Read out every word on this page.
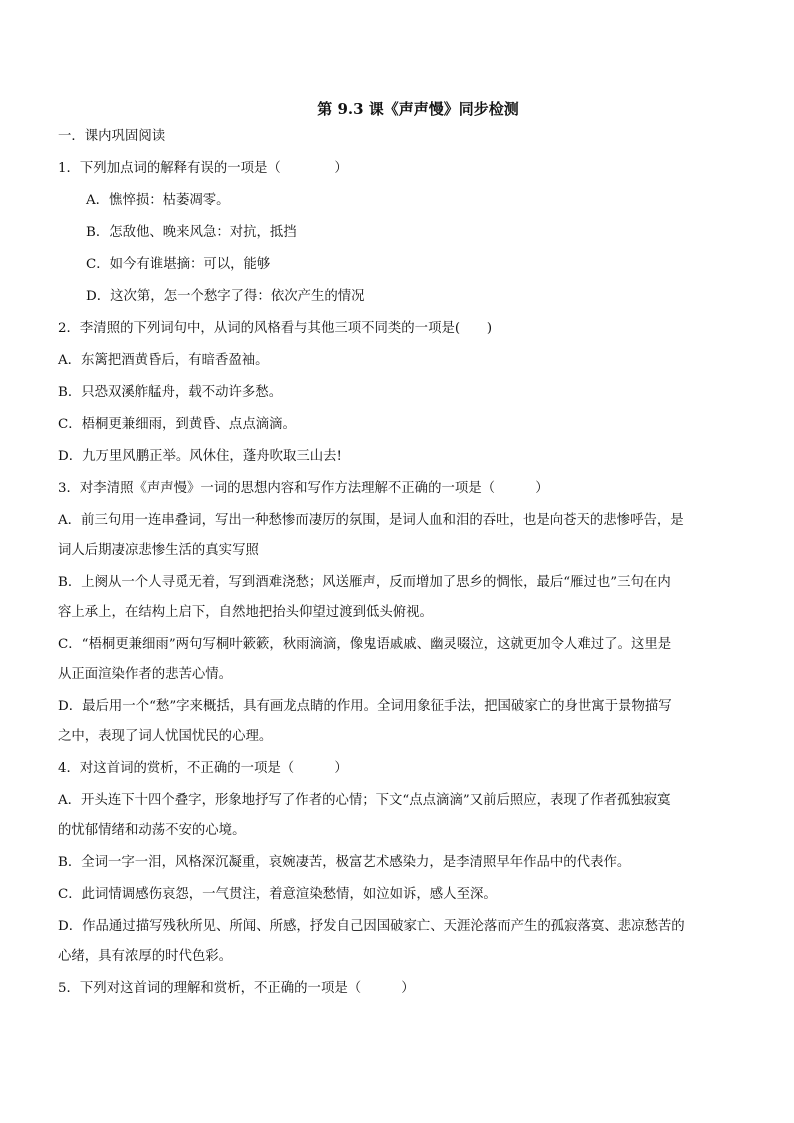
第 9.3 课《声声慢》同步检测
一．课内巩固阅读
1．下列加点词的解释有误的一项是（　　　　）
A．憔悴损：枯萎凋零。
B．怎敌他、晚来风急：对抗，抵挡
C．如今有谁堪摘：可以，能够
D．这次第，怎一个愁字了得：依次产生的情况
2．李清照的下列词句中，从词的风格看与其他三项不同类的一项是(　　)
A．东篱把酒黄昏后，有暗香盈袖。
B．只恐双溪舴艋舟，载不动许多愁。
C．梧桐更兼细雨，到黄昏、点点滴滴。
D．九万里风鹏正举。风休住，蓬舟吹取三山去!
3．对李清照《声声慢》一词的思想内容和写作方法理解不正确的一项是（　　　）
A．前三句用一连串叠词，写出一种愁惨而凄厉的氛围，是词人血和泪的吞吐，也是向苍天的悲惨呼告，是
词人后期凄凉悲惨生活的真实写照
B．上阕从一个人寻觅无着，写到酒难浇愁；风送雁声，反而增加了思乡的惆怅，最后“雁过也”三句在内
容上承上，在结构上启下，自然地把抬头仰望过渡到低头俯视。
C．“梧桐更兼细雨”两句写桐叶簌簌，秋雨滴滴，像鬼语戚戚、幽灵啜泣，这就更加令人难过了。这里是
从正面渲染作者的悲苦心情。
D．最后用一个“愁”字来概括，具有画龙点睛的作用。全词用象征手法，把国破家亡的身世寓于景物描写
之中，表现了词人忧国忧民的心理。
4．对这首词的赏析，不正确的一项是（　　　）
A．开头连下十四个叠字，形象地抒写了作者的心情；下文“点点滴滴”又前后照应，表现了作者孤独寂寞
的忧郁情绪和动荡不安的心境。
B．全词一字一泪，风格深沉凝重，哀婉凄苦，极富艺术感染力，是李清照早年作品中的代表作。
C．此词情调感伤哀怨，一气贯注，着意渲染愁情，如泣如诉，感人至深。
D．作品通过描写残秋所见、所闻、所感，抒发自己因国破家亡、天涯沦落而产生的孤寂落寞、悲凉愁苦的
心绪，具有浓厚的时代色彩。
5．下列对这首词的理解和赏析，不正确的一项是（　　　）
